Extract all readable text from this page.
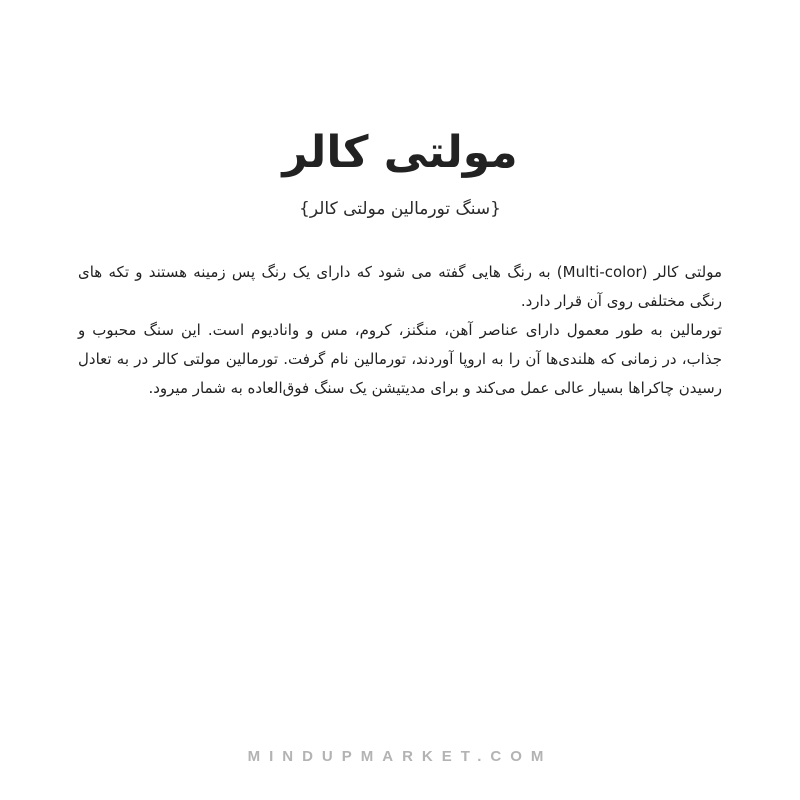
مولتی کالر
{سنگ تورمالین مولتی کالر}

مولتی کالر (Multi-color) به رنگ هایی گفته می شود که دارای یک رنگ پس زمینه هستند و تکه های رنگی مختلفی روی آن قرار دارد.

تورمالین به طور معمول دارای عناصر آهن، منگنز، کروم، مس و وانادیوم است. این سنگ محبوب و جذاب، در زمانی که هلندی‌ها آن را به اروپا آوردند، تورمالین نام گرفت. تورمالین مولتی کالر در به تعادل رسیدن چاکراها بسیار عالی عمل می‌کند و برای مدیتیشن یک سنگ فوق‌العاده به شمار میرود.

MINDUPMARKET.COM
